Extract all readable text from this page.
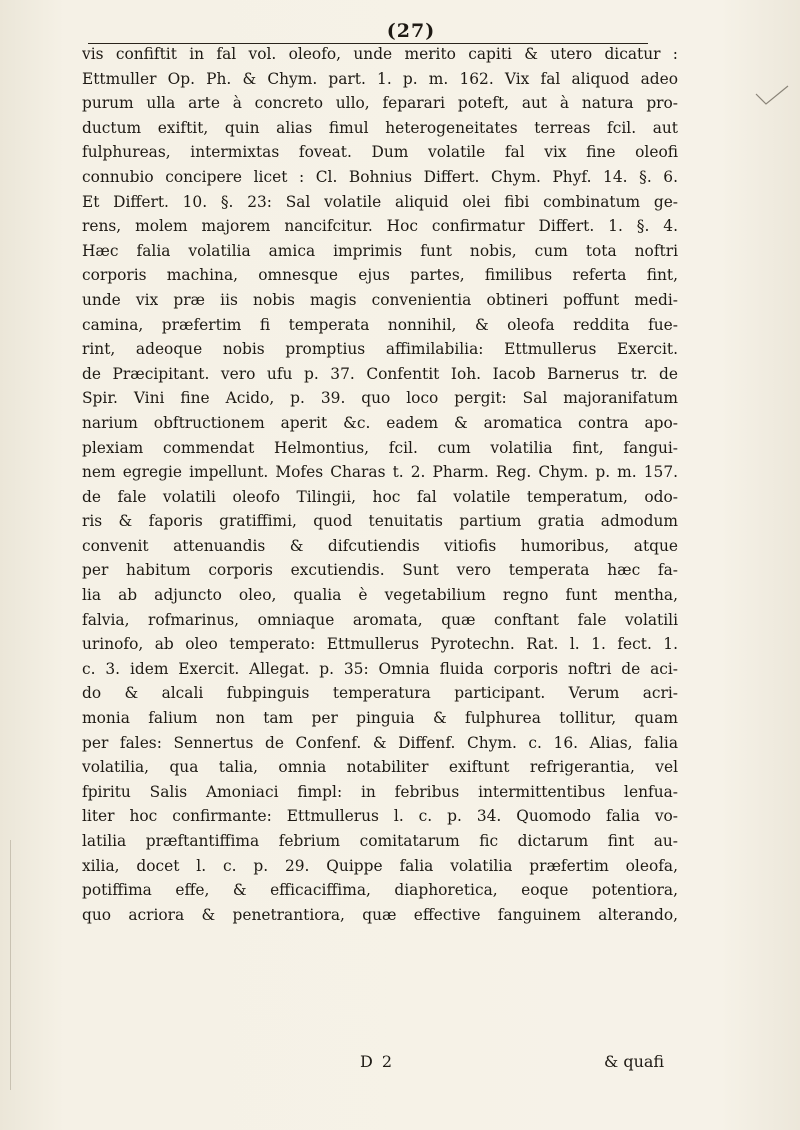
(27)
vis confiftit in fal vol. oleofo, unde merito capiti & utero dicatur :
Ettmuller Op. Ph. & Chym. part. 1. p. m. 162. Vix fal aliquod adeo
purum ulla arte à concreto ullo, feparari poteft, aut à natura pro-
ductum exiftit, quin alias fimul heterogeneitates terreas fcil. aut
fulphureas, intermixtas foveat. Dum volatile fal vix fine oleofi
connubio concipere licet : Cl. Bohnius Differt. Chym. Phyf. 14. §. 6.
Et Differt. 10. §. 23: Sal volatile aliquid olei fibi combinatum ge-
rens, molem majorem nancifcitur. Hoc confirmatur Differt. 1. §. 4.
Hæc falia volatilia amica imprimis funt nobis, cum tota noftri
corporis machina, omnesque ejus partes, fimilibus referta fint,
unde vix præ iis nobis magis convenientia obtineri poffunt medi-
camina, præfertim fi temperata nonnihil, & oleofa reddita fue-
rint, adeoque nobis promptius affimilabilia: Ettmullerus Exercit.
de Præcipitant. vero ufu p. 37. Confentit Ioh. Iacob Barnerus tr. de
Spir. Vini fine Acido, p. 39. quo loco pergit: Sal majoranifatum
narium obftructionem aperit &c. eadem & aromatica contra apo-
plexiam commendat Helmontius, fcil. cum volatilia fint, fangui-
nem egregie impellunt. Mofes Charas t. 2. Pharm. Reg. Chym. p. m. 157.
de fale volatili oleofo Tilingii, hoc fal volatile temperatum, odo-
ris & faporis gratiffimi, quod tenuitatis partium gratia admodum
convenit attenuandis & difcutiendis vitiofis humoribus, atque
per habitum corporis excutiendis. Sunt vero temperata hæc fa-
lia ab adjuncto oleo, qualia è vegetabilium regno funt mentha,
falvia, rofmarinus, omniaque aromata, quæ conftant fale volatili
urinofo, ab oleo temperato: Ettmullerus Pyrotechn. Rat. l. 1. fect. 1.
c. 3. idem Exercit. Allegat. p. 35: Omnia fluida corporis noftri de aci-
do & alcali fubpinguis temperatura participant. Verum acri-
monia falium non tam per pinguia & fulphurea tollitur, quam
per fales: Sennertus de Confenf. & Diffenf. Chym. c. 16. Alias, falia
volatilia, qua talia, omnia notabiliter exiftunt refrigerantia, vel
fpiritu Salis Amoniaci fimpl: in febribus intermittentibus lenfua-
liter hoc confirmante: Ettmullerus l. c. p. 34. Quomodo falia vo-
latilia præftantiffima febrium comitatarum fic dictarum fint au-
xilia, docet l. c. p. 29. Quippe falia volatilia præfertim oleofa,
potiffima effe, & efficaciffima, diaphoretica, eoque potentiora,
quo acriora & penetrantiora, quæ effective fanguinem alterando,
D 2	& quafi
